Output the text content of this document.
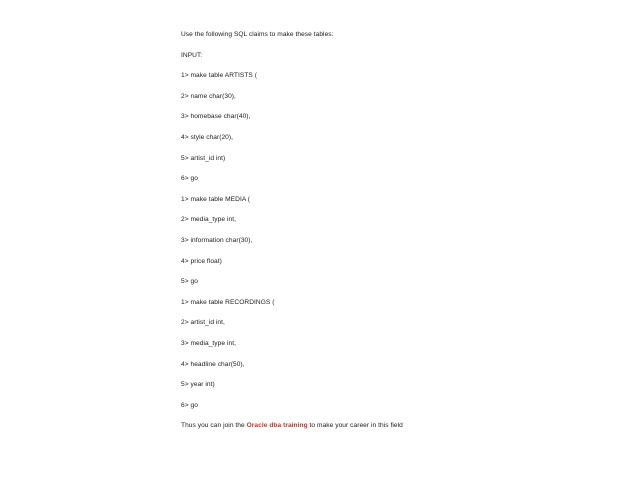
Use the following SQL claims to make these tables:
INPUT:
1> make table ARTISTS (
2> name char(30),
3> homebase char(40),
4> style char(20),
5> artist_id int)
6> go
1> make table MEDIA (
2> media_type int,
3> information char(30),
4> price float)
5> go
1> make table RECORDINGS (
2> artist_id int,
3> media_type int,
4> headline char(50),
5> year int)
6> go
Thus you can join the Oracle dba training to make your career in this field
